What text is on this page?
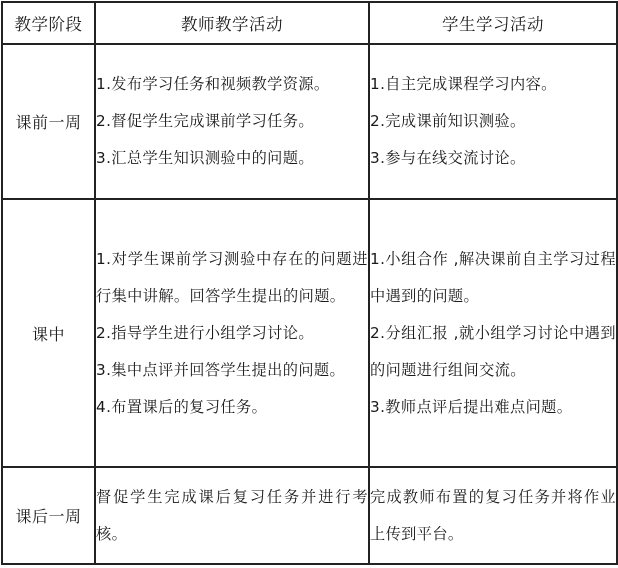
教学阶段	教师教学活动	学生学习活动
课前一周	1.发布学习任务和视频教学资源。
2.督促学生完成课前学习任务。
3.汇总学生知识测验中的问题。	1.自主完成课程学习内容。
2.完成课前知识测验。
3.参与在线交流讨论。

课中	1.对学生课前学习测验中存在的问题进行集中讲解。回答学生提出的问题。
2.指导学生进行小组学习讨论。
3.集中点评并回答学生提出的问题。
4.布置课后的复习任务。	1.小组合作 ,解决课前自主学习过程中遇到的问题。
2.分组汇报 ,就小组学习讨论中遇到的问题进行组间交流。
3.教师点评后提出难点问题。

课后一周	督促学生完成课后复习任务并进行考核。	完成教师布置的复习任务并将作业上传到平台。
